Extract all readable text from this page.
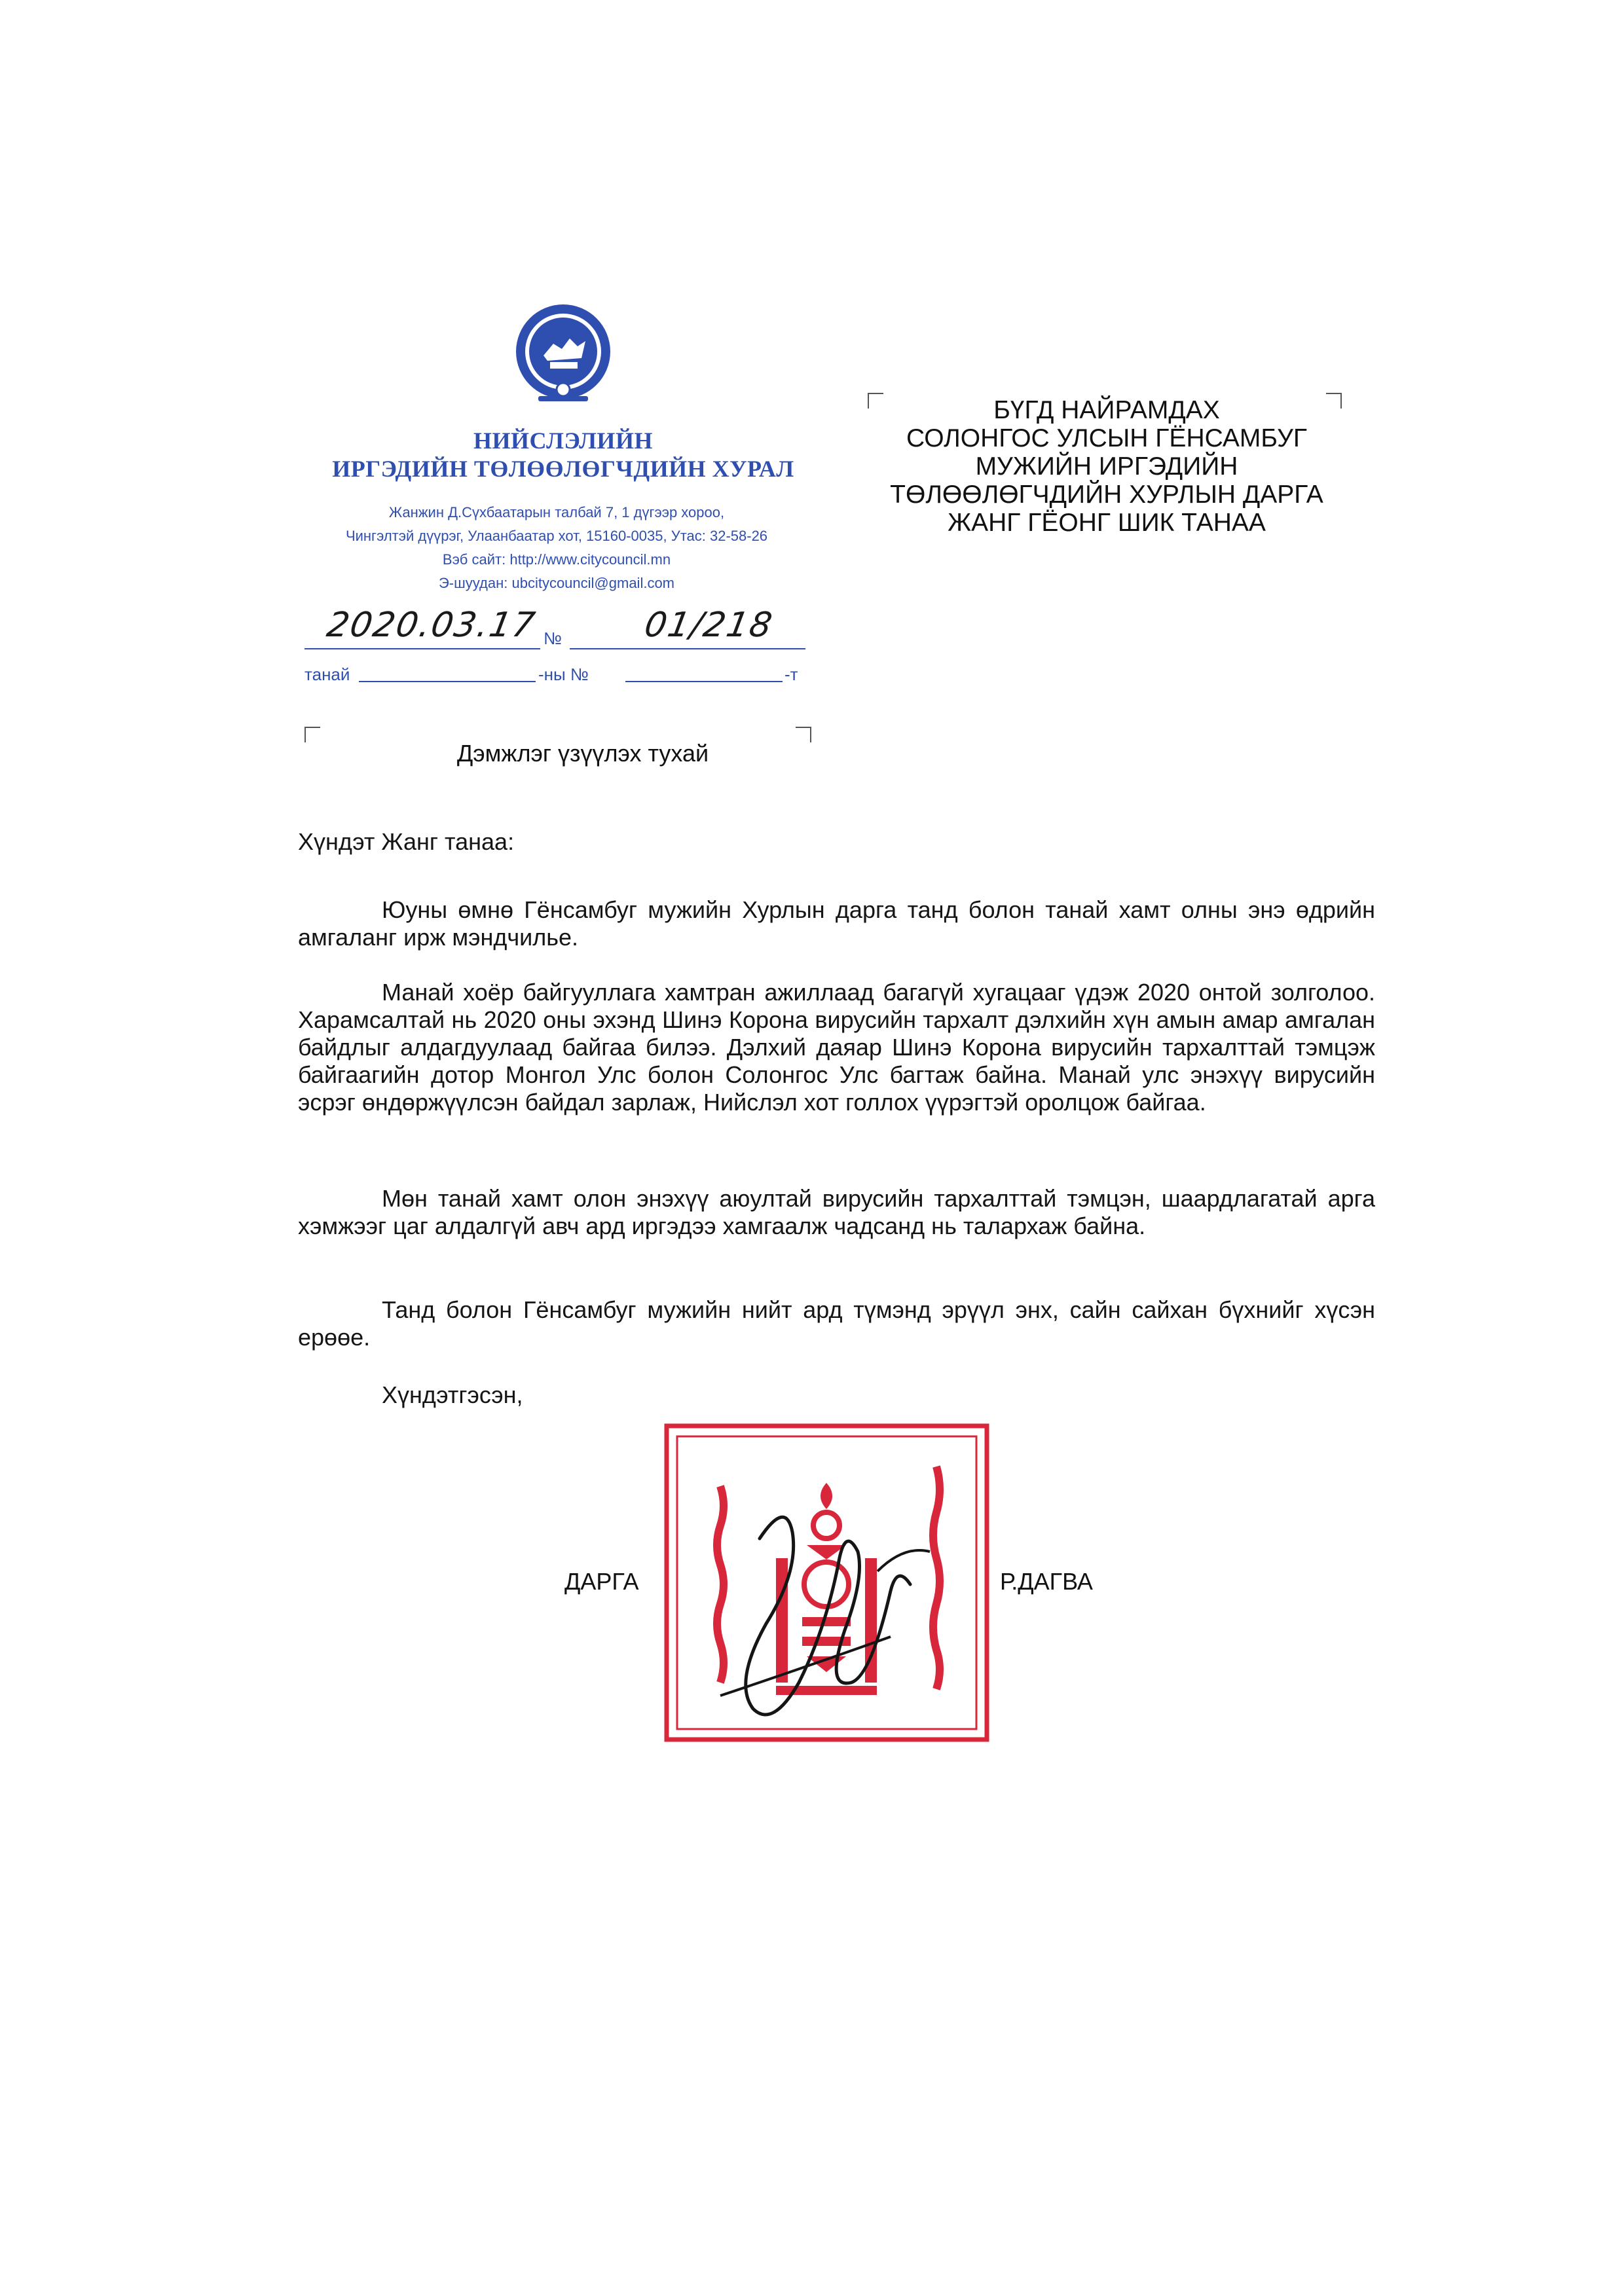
НИЙСЛЭЛИЙН
ИРГЭДИЙН ТӨЛӨӨЛӨГЧДИЙН ХУРАЛ
Жанжин Д.Сүхбаатарын талбай 7, 1 дүгээр хороо,
Чингэлтэй дүүрэг, Улаанбаатар хот, 15160-0035, Утас: 32-58-26
Вэб сайт: http://www.citycouncil.mn
Э-шуудан: ubcitycouncil@gmail.com
2020.03.17 № 01/218
танай	-ны №	-т
БҮГД НАЙРАМДАХ
СОЛОНГОС УЛСЫН ГЁНСАМБУГ
МУЖИЙН ИРГЭДИЙН
ТӨЛӨӨЛӨГЧДИЙН ХУРЛЫН ДАРГА
ЖАНГ ГЁОНГ ШИК ТАНАА
Дэмжлэг үзүүлэх тухай
Хүндэт Жанг танаа:
Юуны өмнө Гёнсамбуг мужийн Хурлын дарга танд болон танай хамт олны энэ өдрийн амгаланг ирж мэндчилье.
Манай хоёр байгууллага хамтран ажиллаад багагүй хугацааг үдэж 2020 онтой золголоо. Харамсалтай нь 2020 оны эхэнд Шинэ Корона вирусийн тархалт дэлхийн хүн амын амар амгалан байдлыг алдагдуулаад байгаа билээ. Дэлхий даяар Шинэ Корона вирусийн тархалттай тэмцэж байгаагийн дотор Монгол Улс болон Солонгос Улс багтаж байна. Манай улс энэхүү вирусийн эсрэг өндөржүүлсэн байдал зарлаж, Нийслэл хот голлох үүрэгтэй оролцож байгаа.
Мөн танай хамт олон энэхүү аюултай вирусийн тархалттай тэмцэн, шаардлагатай арга хэмжээг цаг алдалгүй авч ард иргэдээ хамгаалж чадсанд нь талархаж байна.
Танд болон Гёнсамбуг мужийн нийт ард түмэнд эрүүл энх, сайн сайхан бүхнийг хүсэн ерөөе.
Хүндэтгэсэн,
ДАРГА	Р.ДАГВА
